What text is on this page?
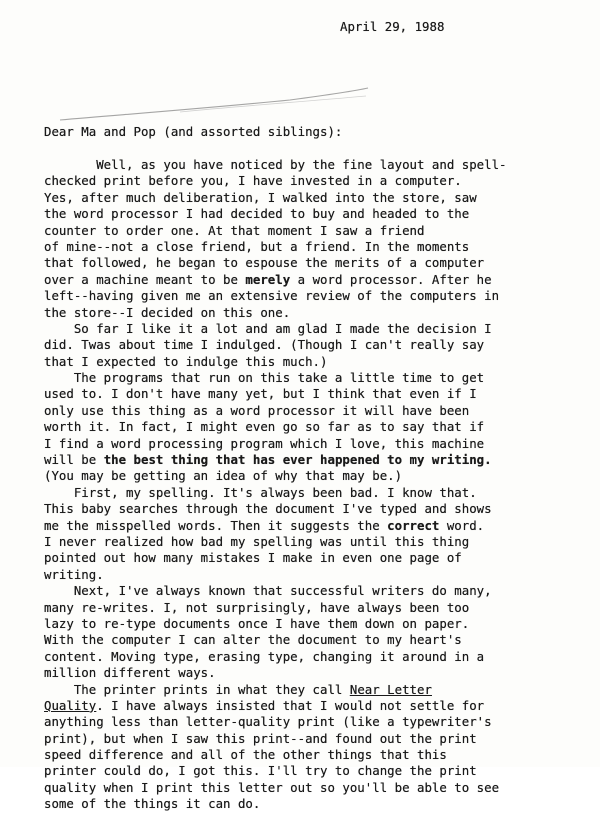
April 29, 1988
Dear Ma and Pop (and assorted siblings):
Well, as you have noticed by the fine layout and spell-
checked print before you, I have invested in a computer.
Yes, after much deliberation, I walked into the store, saw
the word processor I had decided to buy and headed to the
counter to order one. At that moment I saw a friend
of mine--not a close friend, but a friend. In the moments
that followed, he began to espouse the merits of a computer
over a machine meant to be merely a word processor. After he
left--having given me an extensive review of the computers in
the store--I decided on this one.
So far I like it a lot and am glad I made the decision I
did. Twas about time I indulged. (Though I can't really say
that I expected to indulge this much.)
The programs that run on this take a little time to get
used to. I don't have many yet, but I think that even if I
only use this thing as a word processor it will have been
worth it. In fact, I might even go so far as to say that if
I find a word processing program which I love, this machine
will be the best thing that has ever happened to my writing.
(You may be getting an idea of why that may be.)
First, my spelling. It's always been bad. I know that.
This baby searches through the document I've typed and shows
me the misspelled words. Then it suggests the correct word.
I never realized how bad my spelling was until this thing
pointed out how many mistakes I make in even one page of
writing.
Next, I've always known that successful writers do many,
many re-writes. I, not surprisingly, have always been too
lazy to re-type documents once I have them down on paper.
With the computer I can alter the document to my heart's
content. Moving type, erasing type, changing it around in a
million different ways.
The printer prints in what they call Near Letter
Quality. I have always insisted that I would not settle for
anything less than letter-quality print (like a typewriter's
print), but when I saw this print--and found out the print
speed difference and all of the other things that this
printer could do, I got this. I'll try to change the print
quality when I print this letter out so you'll be able to see
some of the things it can do.
